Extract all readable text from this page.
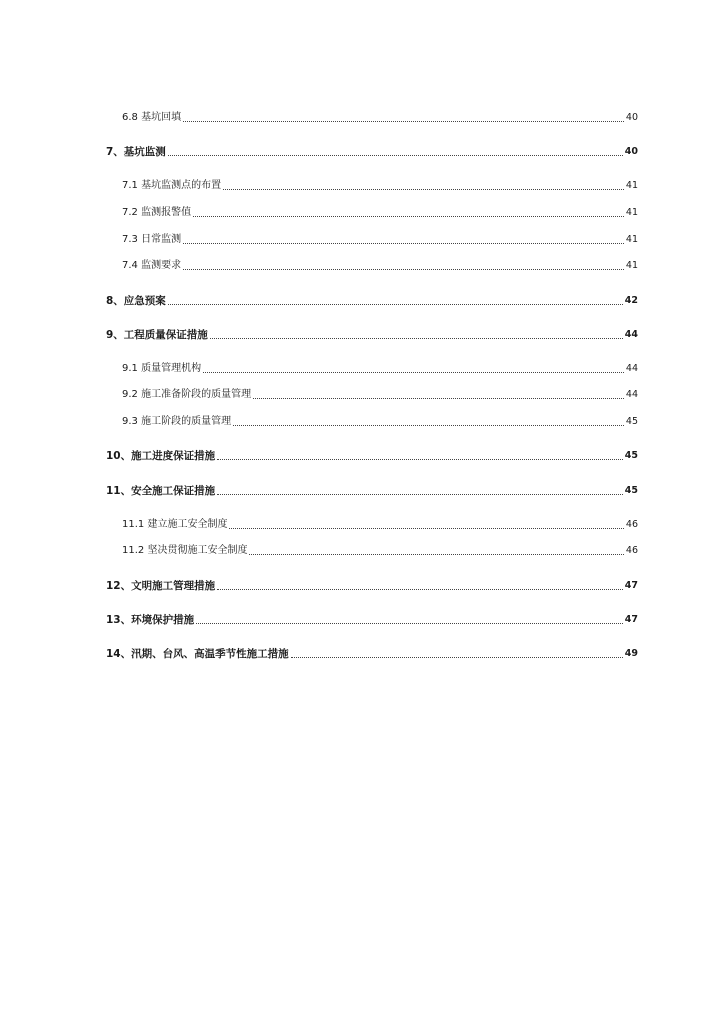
6.8 基坑回填	40
7、基坑监测	40
7.1 基坑监测点的布置	41
7.2 监测报警值	41
7.3 日常监测	41
7.4 监测要求	41
8、应急预案	42
9、工程质量保证措施	44
9.1 质量管理机构	44
9.2 施工准备阶段的质量管理	44
9.3 施工阶段的质量管理	45
10、施工进度保证措施	45
11、安全施工保证措施	45
11.1 建立施工安全制度	46
11.2 坚决贯彻施工安全制度	46
12、文明施工管理措施	47
13、环境保护措施	47
14、汛期、台风、高温季节性施工措施	49
